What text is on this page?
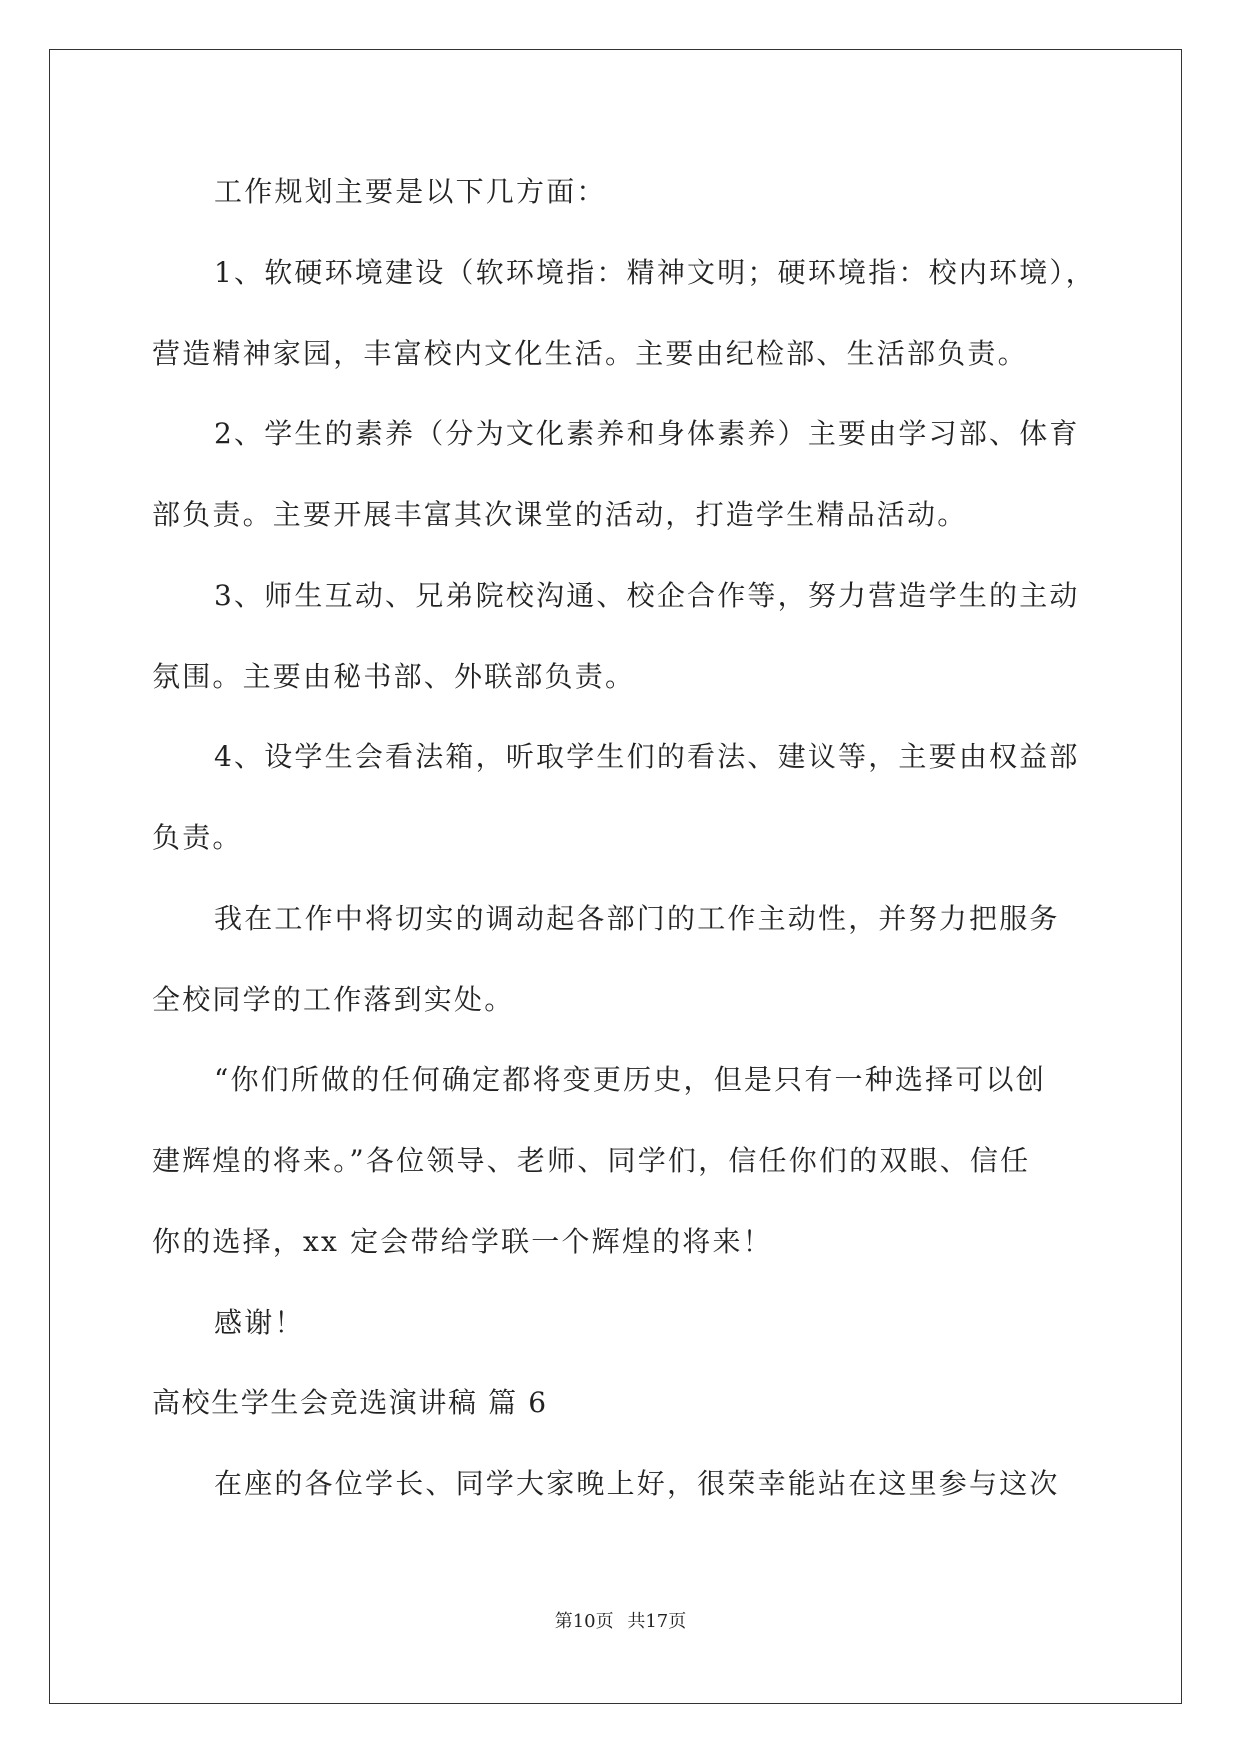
工作规划主要是以下几方面：
1、软硬环境建设（软环境指：精神文明；硬环境指：校内环境），
营造精神家园，丰富校内文化生活。主要由纪检部、生活部负责。
2、学生的素养（分为文化素养和身体素养）主要由学习部、体育
部负责。主要开展丰富其次课堂的活动，打造学生精品活动。
3、师生互动、兄弟院校沟通、校企合作等，努力营造学生的主动
氛围。主要由秘书部、外联部负责。
4、设学生会看法箱，听取学生们的看法、建议等，主要由权益部
负责。
我在工作中将切实的调动起各部门的工作主动性，并努力把服务
全校同学的工作落到实处。
“你们所做的任何确定都将变更历史，但是只有一种选择可以创
建辉煌的将来。”各位领导、老师、同学们，信任你们的双眼、信任
你的选择，xx 定会带给学联一个辉煌的将来！
感谢！
高校生学生会竞选演讲稿 篇 6
在座的各位学长、同学大家晚上好，很荣幸能站在这里参与这次
第10页 共17页
